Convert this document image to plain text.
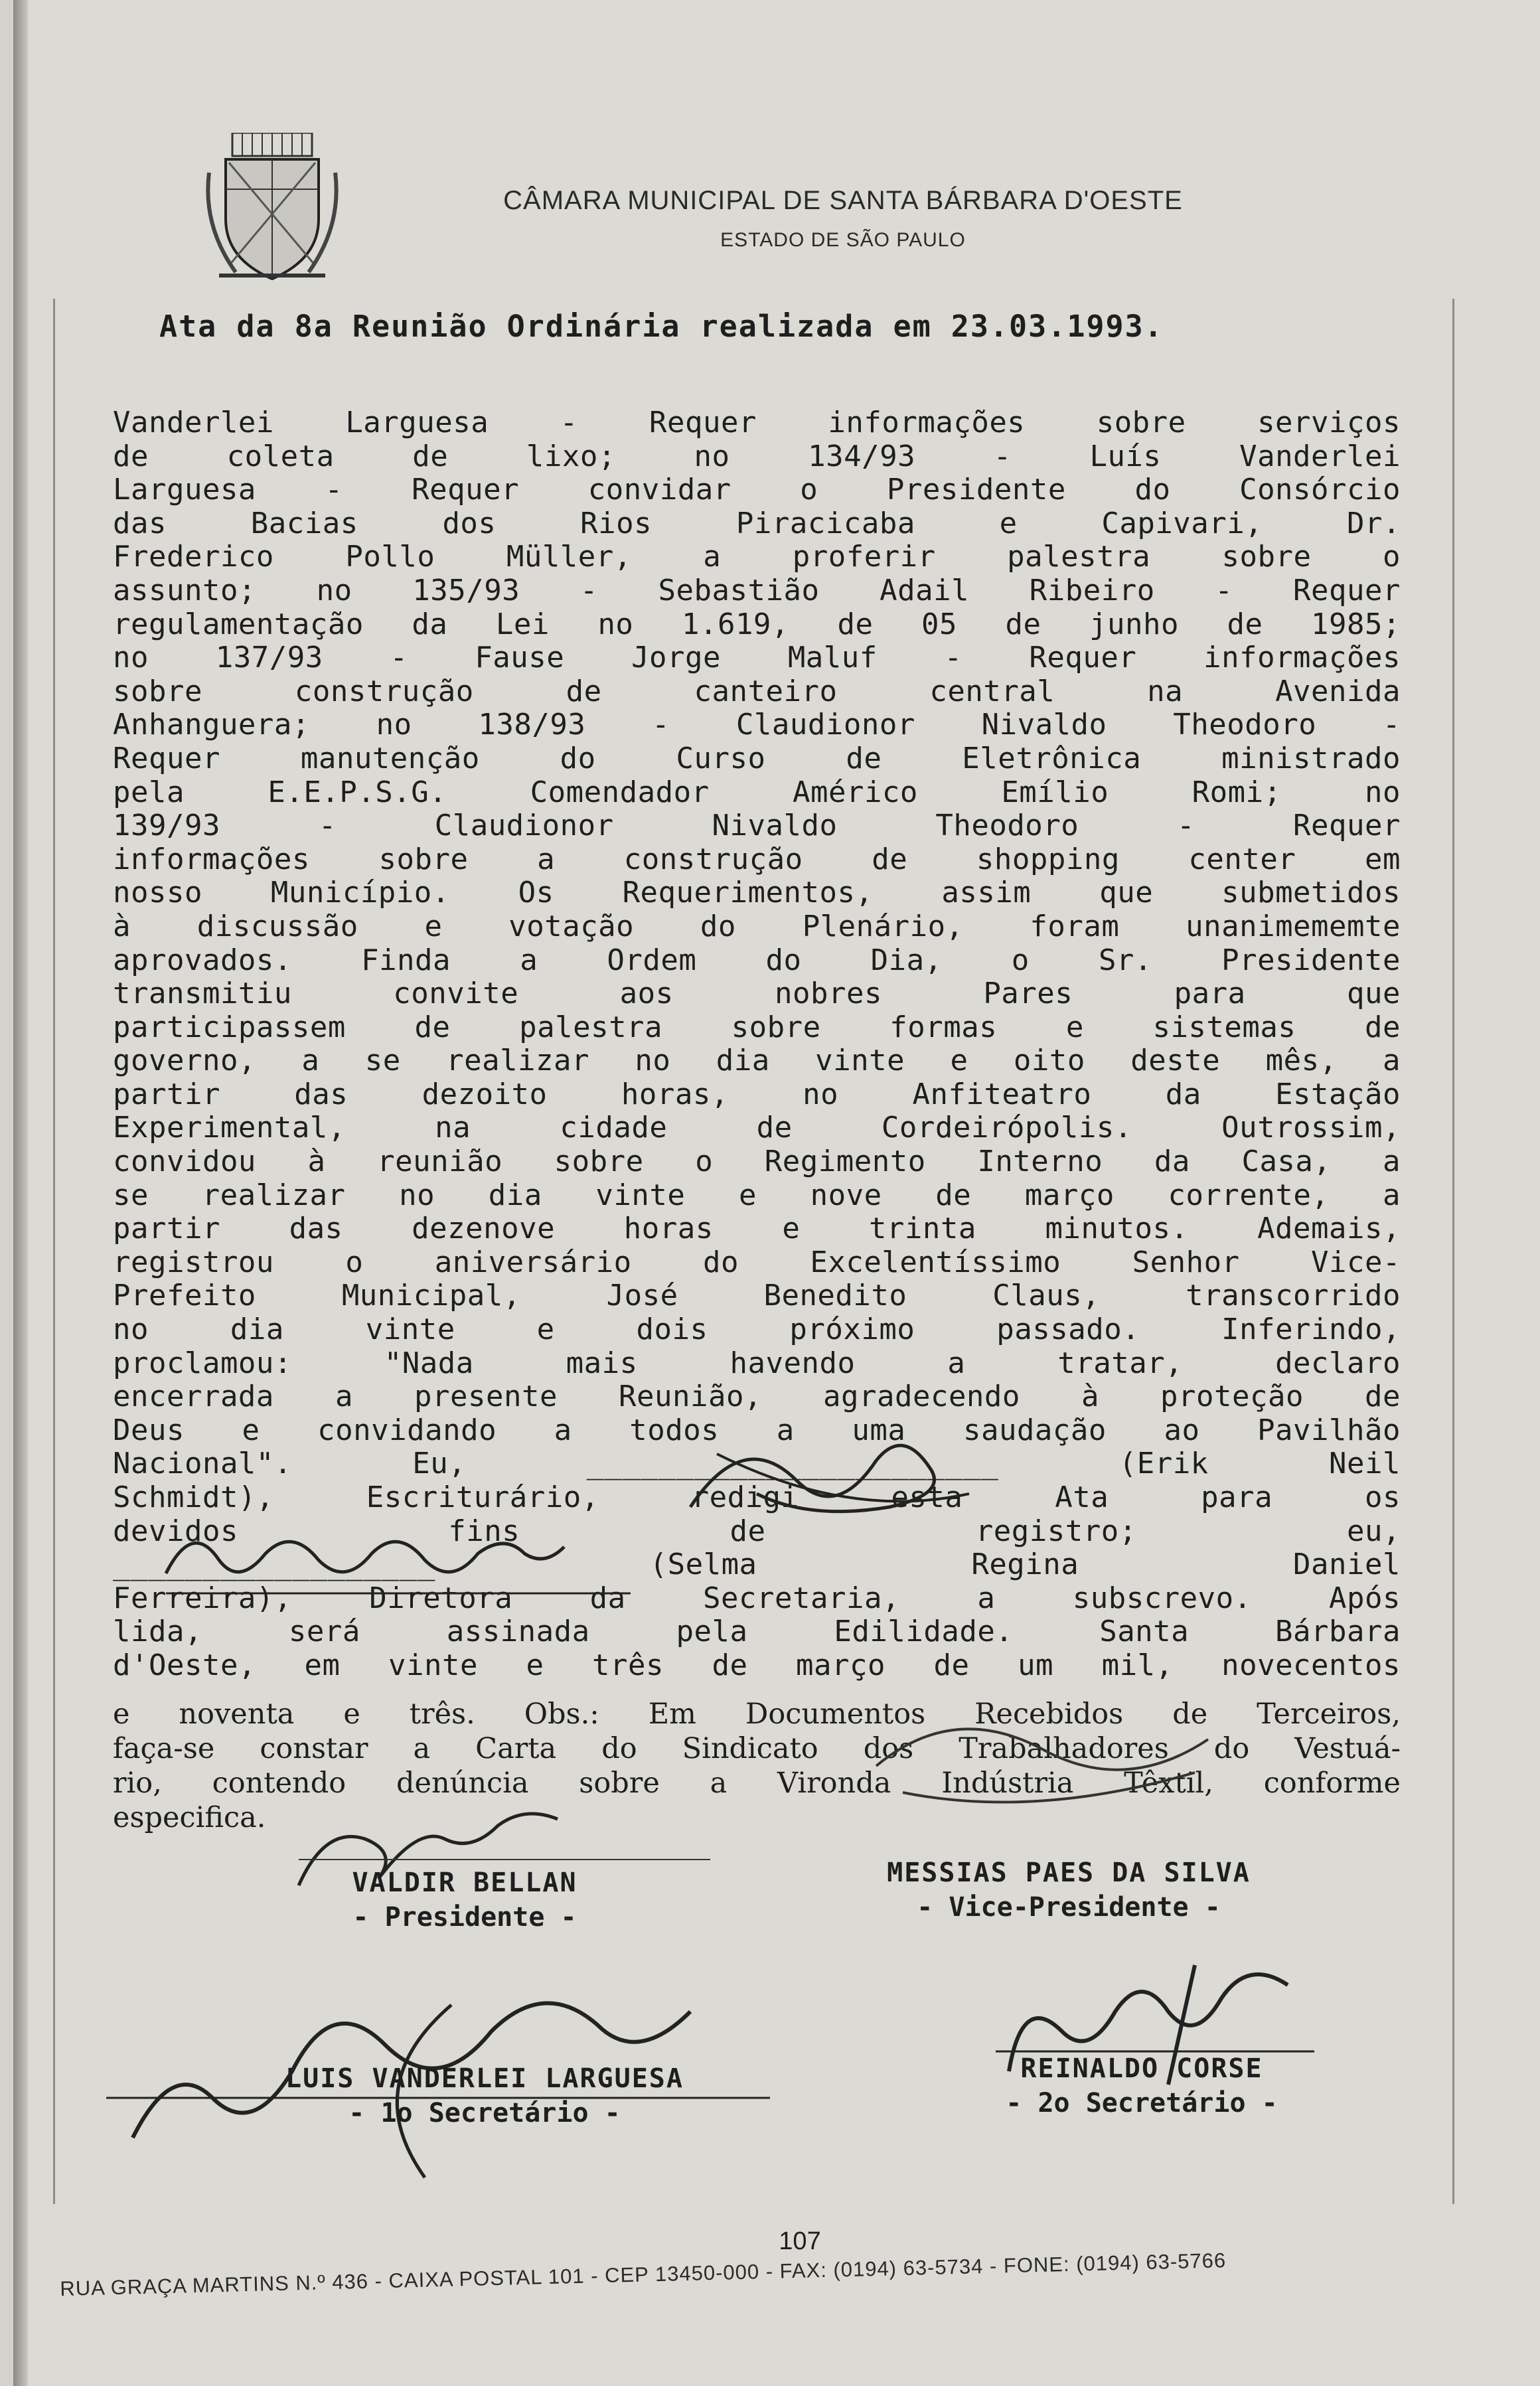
CÂMARA MUNICIPAL DE SANTA BÁRBARA D'OESTE
ESTADO DE SÃO PAULO
Ata da 8a Reunião Ordinária realizada em 23.03.1993.
Vanderlei Larguesa - Requer informações sobre serviços
de coleta de lixo; no 134/93 - Luís Vanderlei
Larguesa - Requer convidar o Presidente do Consórcio
das Bacias dos Rios Piracicaba e Capivari, Dr.
Frederico Pollo Müller, a proferir palestra sobre o
assunto; no 135/93 - Sebastião Adail Ribeiro - Requer
regulamentação da Lei no 1.619, de 05 de junho de 1985;
no 137/93 - Fause Jorge Maluf - Requer informações
sobre construção de canteiro central na Avenida
Anhanguera; no 138/93 - Claudionor Nivaldo Theodoro -
Requer manutenção do Curso de Eletrônica ministrado
pela E.E.P.S.G. Comendador Américo Emílio Romi; no
139/93 - Claudionor Nivaldo Theodoro - Requer
informações sobre a construção de shopping center em
nosso Município. Os Requerimentos, assim que submetidos
à discussão e votação do Plenário, foram unanimememte
aprovados. Finda a Ordem do Dia, o Sr. Presidente
transmitiu convite aos nobres Pares para que
participassem de palestra sobre formas e sistemas de
governo, a se realizar no dia vinte e oito deste mês, a
partir das dezoito horas, no Anfiteatro da Estação
Experimental, na cidade de Cordeirópolis. Outrossim,
convidou à reunião sobre o Regimento Interno da Casa, a
se realizar no dia vinte e nove de março corrente, a
partir das dezenove horas e trinta minutos. Ademais,
registrou o aniversário do Excelentíssimo Senhor Vice-
Prefeito Municipal, José Benedito Claus, transcorrido
no dia vinte e dois próximo passado. Inferindo,
proclamou: "Nada mais havendo a tratar, declaro
encerrada a presente Reunião, agradecendo à proteção de
Deus e convidando a todos a uma saudação ao Pavilhão
Nacional". Eu, _______________________ (Erik Neil
Schmidt), Escriturário, redigi esta Ata para os
devidos fins de registro; eu,
__________________ (Selma Regina Daniel
Ferreira), Diretora da Secretaria, a subscrevo. Após
lida, será assinada pela Edilidade. Santa Bárbara
d'Oeste, em vinte e três de março de um mil, novecentos
e noventa e três. Obs.: Em Documentos Recebidos de Terceiros,
faça-se constar a Carta do Sindicato dos Trabalhadores do Vestuá-
rio, contendo denúncia sobre a Vironda Indústria Têxtil, conforme
especifica.
VALDIR BELLAN
- Presidente -
MESSIAS PAES DA SILVA
- Vice-Presidente -
LUIS VANDERLEI LARGUESA
- 1o Secretário -
REINALDO CORSE
- 2o Secretário -
107
RUA GRAÇA MARTINS N.º 436 - CAIXA POSTAL 101 - CEP 13450-000 - FAX: (0194) 63-5734 - FONE: (0194) 63-5766
